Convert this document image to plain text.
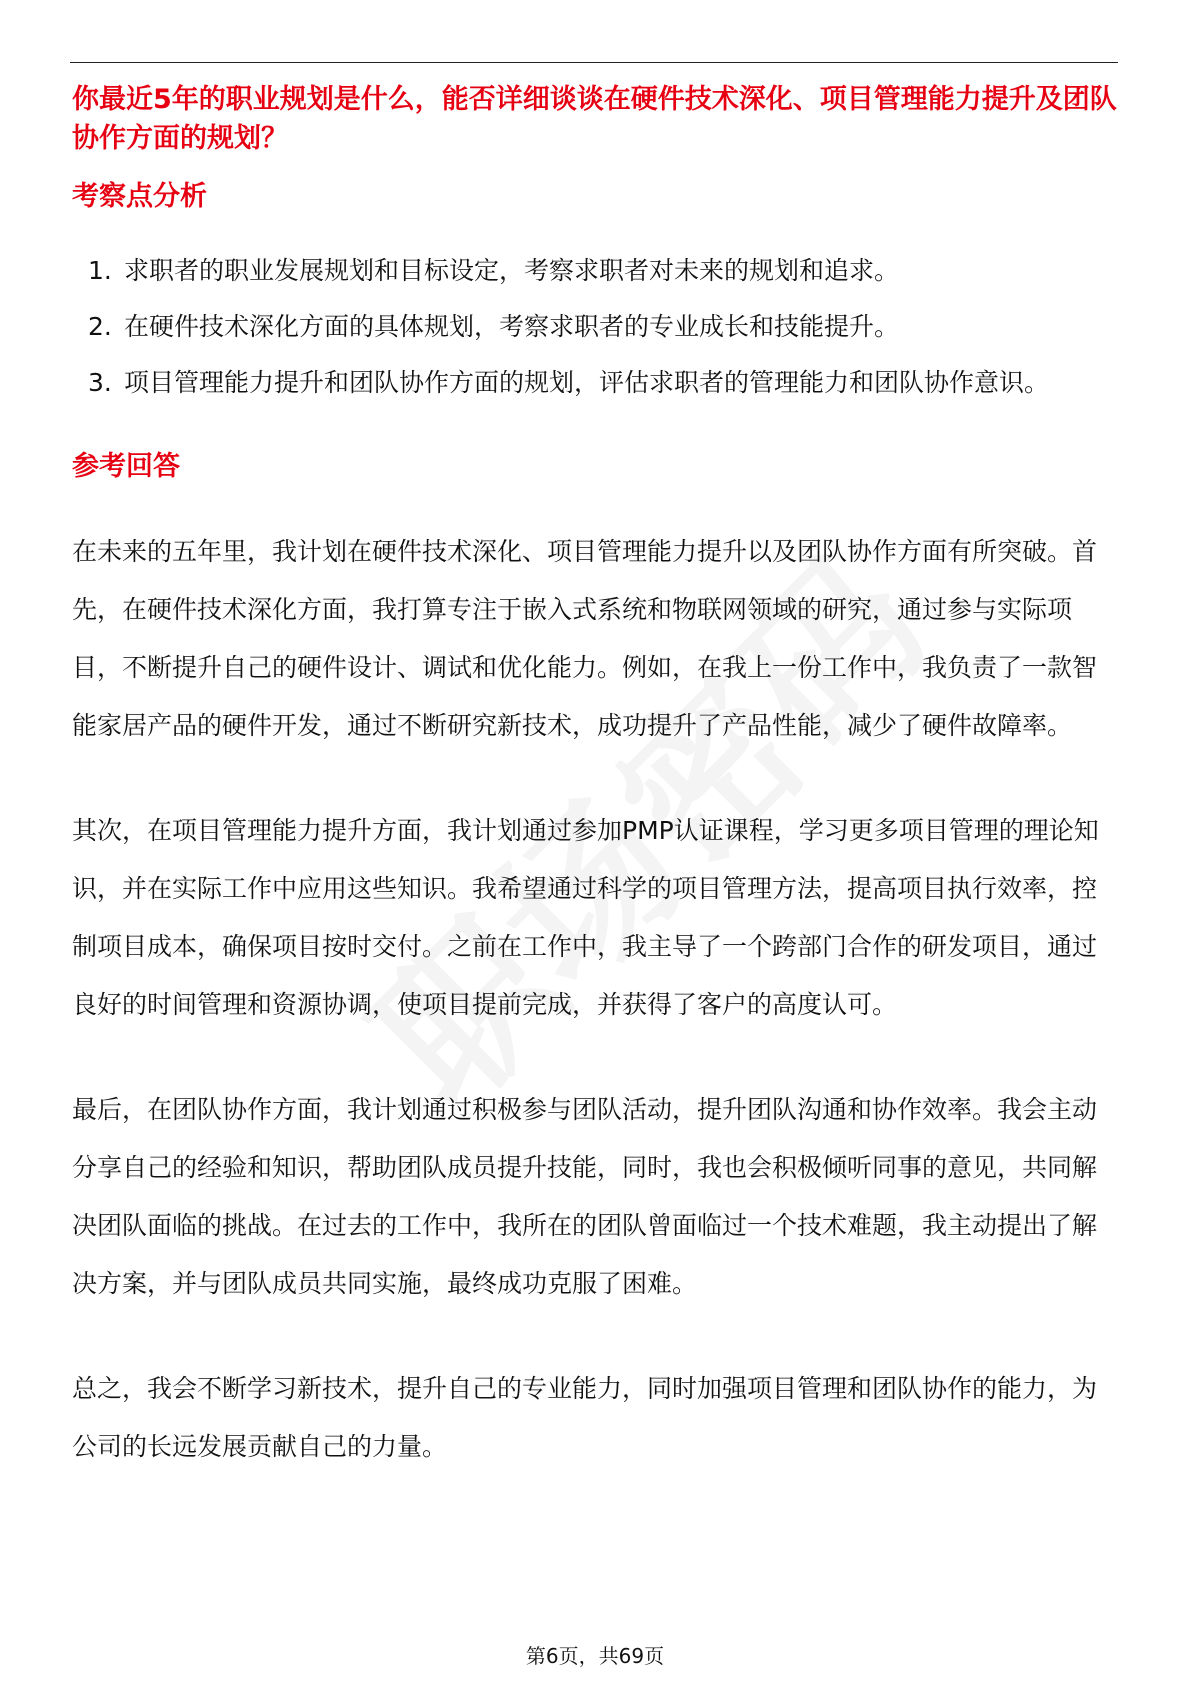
你最近5年的职业规划是什么，能否详细谈谈在硬件技术深化、项目管理能力提升及团队协作方面的规划？
考察点分析
1. 求职者的职业发展规划和目标设定，考察求职者对未来的规划和追求。
2. 在硬件技术深化方面的具体规划，考察求职者的专业成长和技能提升。
3. 项目管理能力提升和团队协作方面的规划，评估求职者的管理能力和团队协作意识。
参考回答

在未来的五年里，我计划在硬件技术深化、项目管理能力提升以及团队协作方面有所突破。首先，在硬件技术深化方面，我打算专注于嵌入式系统和物联网领域的研究，通过参与实际项目，不断提升自己的硬件设计、调试和优化能力。例如，在我上一份工作中，我负责了一款智能家居产品的硬件开发，通过不断研究新技术，成功提升了产品性能，减少了硬件故障率。

其次，在项目管理能力提升方面，我计划通过参加PMP认证课程，学习更多项目管理的理论知识，并在实际工作中应用这些知识。我希望通过科学的项目管理方法，提高项目执行效率，控制项目成本，确保项目按时交付。之前在工作中，我主导了一个跨部门合作的研发项目，通过良好的时间管理和资源协调，使项目提前完成，并获得了客户的高度认可。

最后，在团队协作方面，我计划通过积极参与团队活动，提升团队沟通和协作效率。我会主动分享自己的经验和知识，帮助团队成员提升技能，同时，我也会积极倾听同事的意见，共同解决团队面临的挑战。在过去的工作中，我所在的团队曾面临过一个技术难题，我主动提出了解决方案，并与团队成员共同实施，最终成功克服了困难。

总之，我会不断学习新技术，提升自己的专业能力，同时加强项目管理和团队协作的能力，为公司的长远发展贡献自己的力量。

第6页，共69页
